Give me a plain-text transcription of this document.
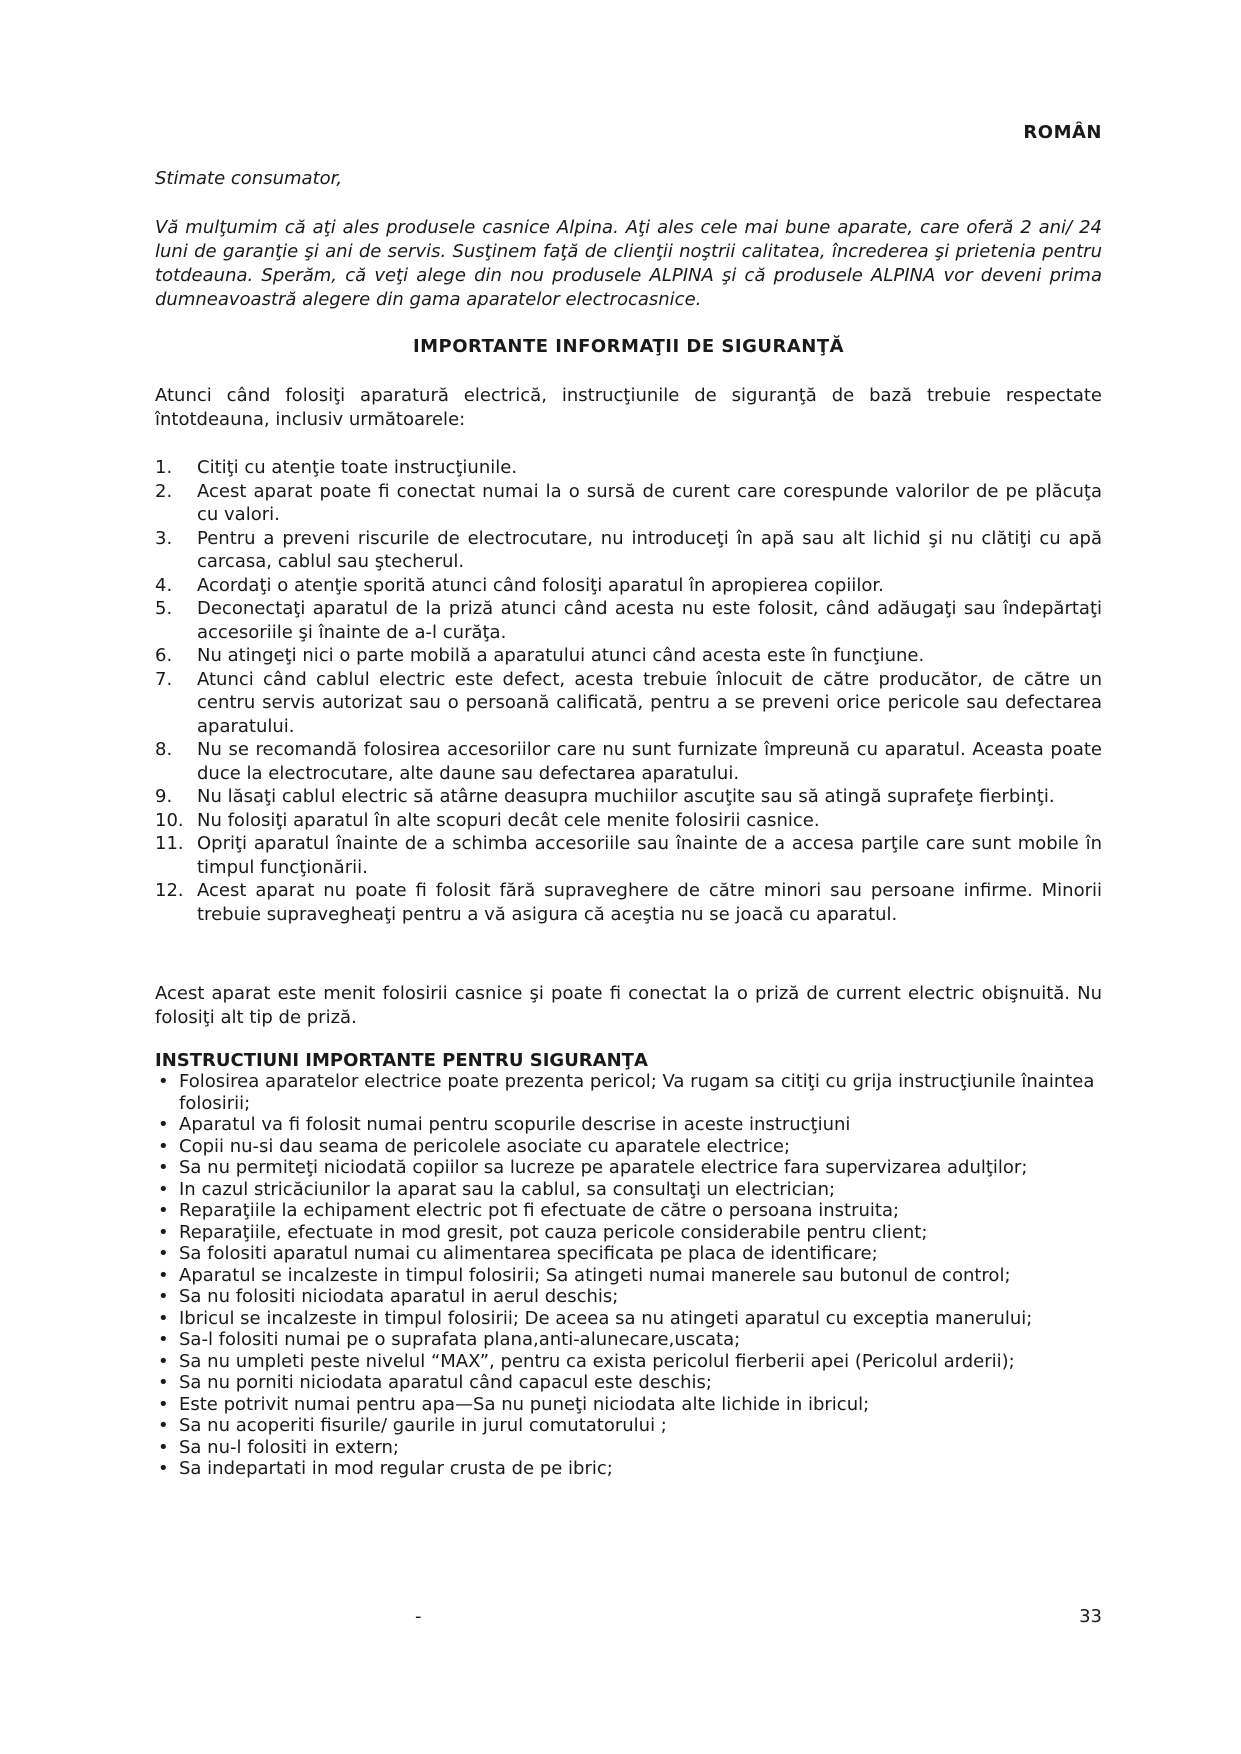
ROMÂN
Stimate consumator,

Vă mulţumim că aţi ales produsele casnice Alpina. Aţi ales cele mai bune aparate, care oferă 2 ani/ 24 luni de garanţie şi ani de servis. Susţinem faţă de clienţii noştrii calitatea, încrederea şi prietenia pentru totdeauna. Sperăm, că veţi alege din nou produsele ALPINA şi că produsele ALPINA vor deveni prima dumneavoastră alegere din gama aparatelor electrocasnice.

IMPORTANTE INFORMAŢII DE SIGURANŢĂ

Atunci când folosiţi aparatură electrică, instrucţiunile de siguranţă de bază trebuie respectate întotdeauna, inclusiv următoarele:

1. Citiţi cu atenţie toate instrucţiunile.
2. Acest aparat poate fi conectat numai la o sursă de curent care corespunde valorilor de pe plăcuţa cu valori.
3. Pentru a preveni riscurile de electrocutare, nu introduceţi în apă sau alt lichid şi nu clătiţi cu apă carcasa, cablul sau ştecherul.
4. Acordaţi o atenţie sporită atunci când folosiţi aparatul în apropierea copiilor.
5. Deconectaţi aparatul de la priză atunci când acesta nu este folosit, când adăugaţi sau îndepărtaţi accesoriile şi înainte de a-l curăţa.
6. Nu atingeţi nici o parte mobilă a aparatului atunci când acesta este în funcţiune.
7. Atunci când cablul electric este defect, acesta trebuie înlocuit de către producător, de către un centru servis autorizat sau o persoană calificată, pentru a se preveni orice pericole sau defectarea aparatului.
8. Nu se recomandă folosirea accesoriilor care nu sunt furnizate împreună cu aparatul. Aceasta poate duce la electrocutare, alte daune sau defectarea aparatului.
9. Nu lăsaţi cablul electric să atârne deasupra muchiilor ascuţite sau să atingă suprafeţe fierbinţi.
10. Nu folosiţi aparatul în alte scopuri decât cele menite folosirii casnice.
11. Opriţi aparatul înainte de a schimba accesoriile sau înainte de a accesa parţile care sunt mobile în timpul funcţionării.
12. Acest aparat nu poate fi folosit fără supraveghere de către minori sau persoane infirme. Minorii trebuie supravegheaţi pentru a vă asigura că aceştia nu se joacă cu aparatul.

Acest aparat este menit folosirii casnice şi poate fi conectat la o priză de current electric obişnuită. Nu folosiţi alt tip de priză.

INSTRUCTIUNI IMPORTANTE PENTRU SIGURANŢA
• Folosirea aparatelor electrice poate prezenta pericol; Va rugam sa citiţi cu grija instrucţiunile înaintea folosirii;
• Aparatul va fi folosit numai pentru scopurile descrise in aceste instrucţiuni
• Copii nu-si dau seama de pericolele asociate cu aparatele electrice;
• Sa nu permiteţi niciodată copiilor sa lucreze pe aparatele electrice fara supervizarea adulţilor;
• In cazul stricăciunilor la aparat sau la cablul, sa consultaţi un electrician;
• Reparaţiile la echipament electric pot fi efectuate de către o persoana instruita;
• Reparaţiile, efectuate in mod gresit, pot cauza pericole considerabile pentru client;
• Sa folositi aparatul numai cu alimentarea specificata pe placa de identificare;
• Aparatul se incalzeste in timpul folosirii; Sa atingeti numai manerele sau butonul de control;
• Sa nu folositi niciodata aparatul in aerul deschis;
• Ibricul se incalzeste in timpul folosirii; De aceea sa nu atingeti aparatul cu exceptia manerului;
• Sa-l folositi numai pe o suprafata plana,anti-alunecare,uscata;
• Sa nu umpleti peste nivelul “MAX”, pentru ca exista pericolul fierberii apei (Pericolul arderii);
• Sa nu porniti niciodata aparatul când capacul este deschis;
• Este potrivit numai pentru apa—Sa nu puneţi niciodata alte lichide in ibricul;
• Sa nu acoperiti fisurile/ gaurile in jurul comutatorului ;
• Sa nu-l folositi in extern;
• Sa indepartati in mod regular crusta de pe ibric;
-	33
